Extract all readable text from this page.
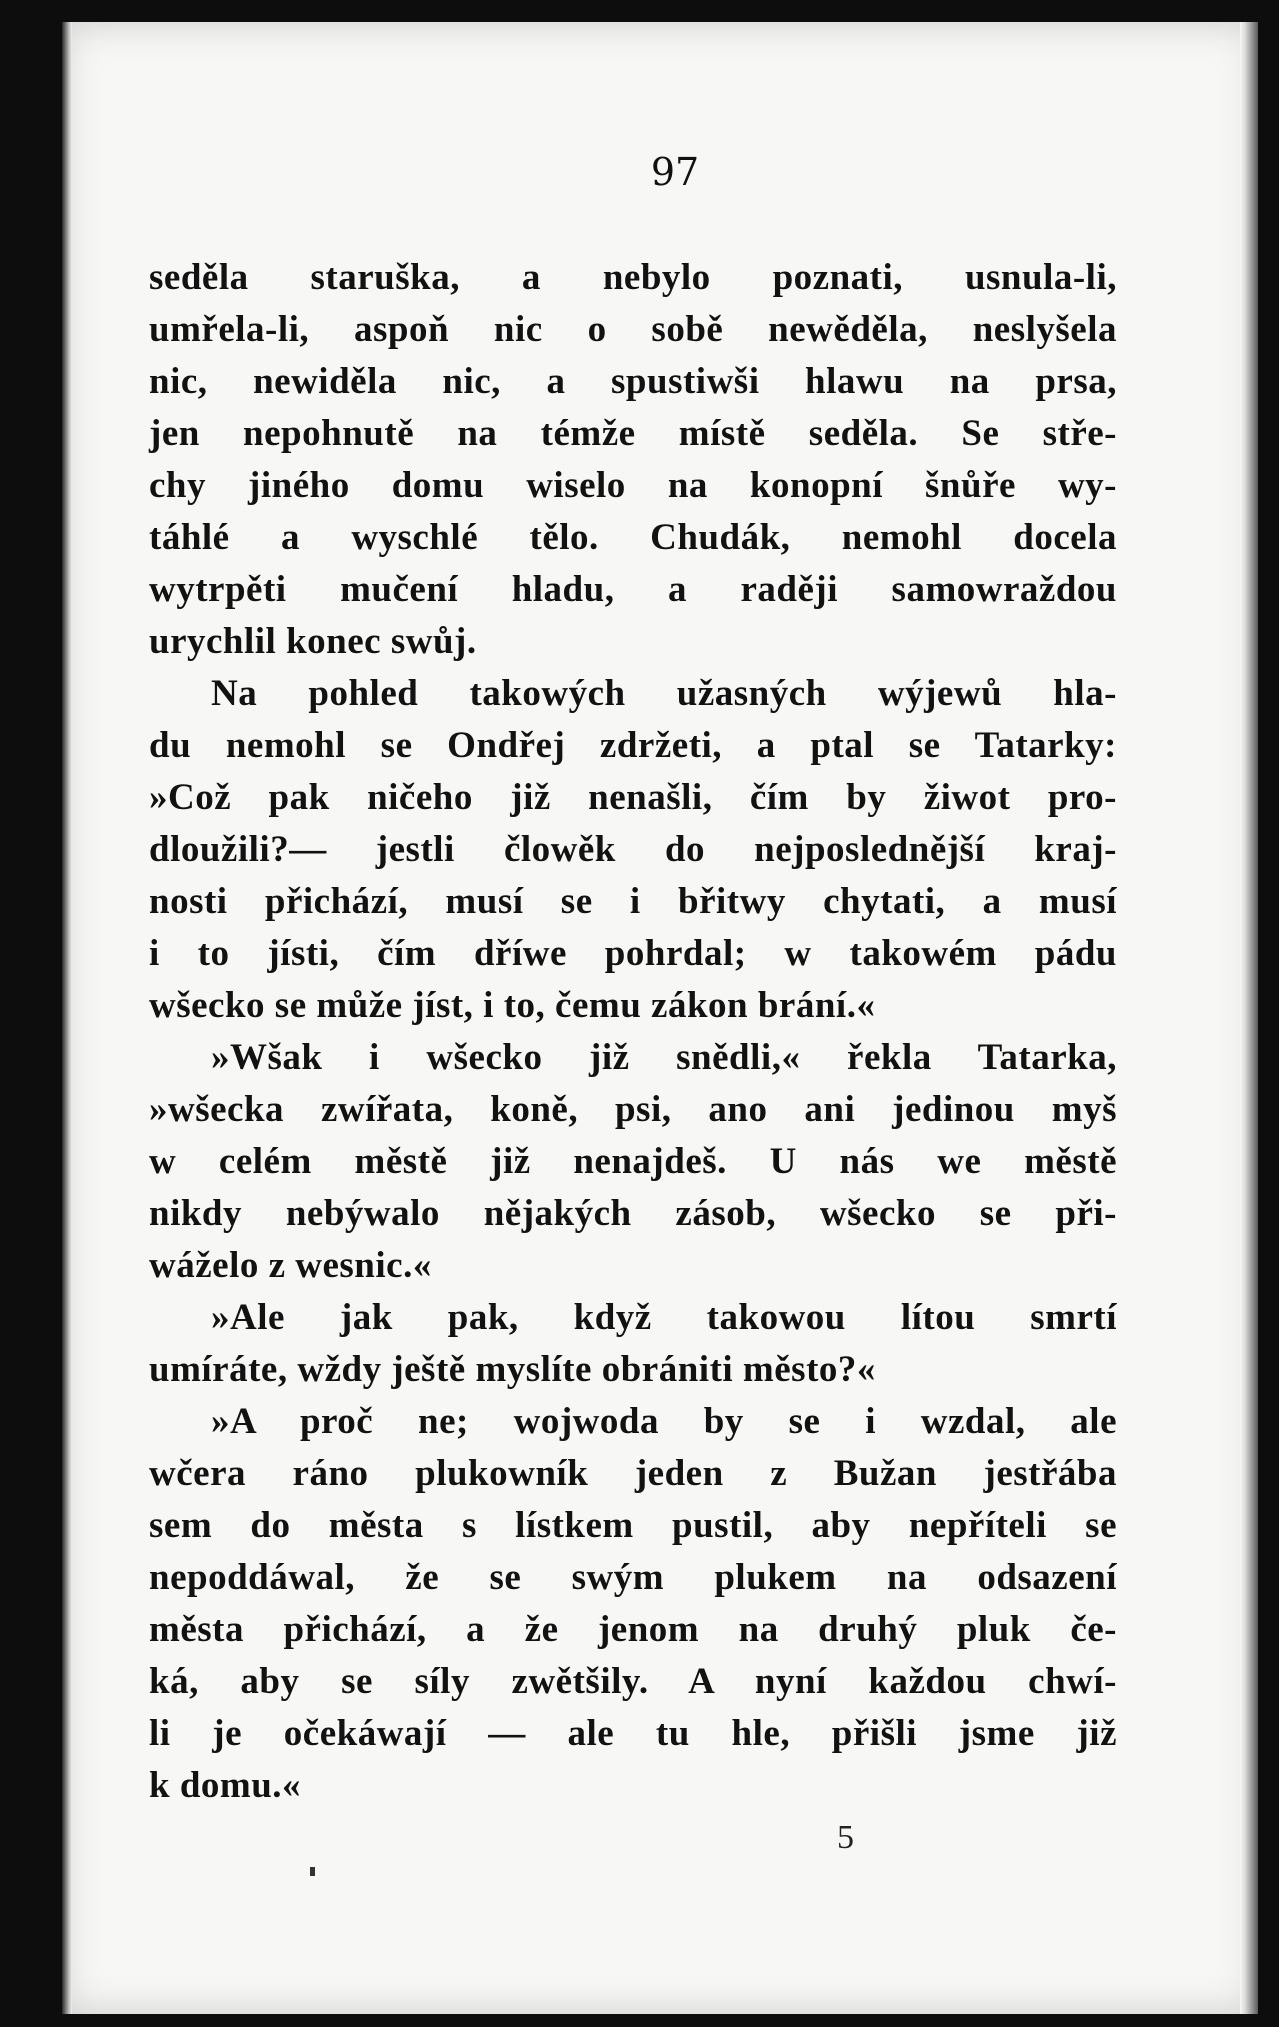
97
seděla staruška, a nebylo poznati, usnula-li,
umřela-li, aspoň nic o sobě newěděla, neslyšela
nic, newiděla nic, a spustiwši hlawu na prsa,
jen nepohnutě na témže místě seděla. Se stře-
chy jiného domu wiselo na konopní šnůře wy-
táhlé a wyschlé tělo. Chudák, nemohl docela
wytrpěti mučení hladu, a raději samowraždou
urychlil konec swůj.
Na pohled takowých užasných wýjewů hla-
du nemohl se Ondřej zdržeti, a ptal se Tatarky:
»Což pak ničeho již nenašli, čím by žiwot pro-
dloužili?— jestli člowěk do nejposlednější kraj-
nosti přichází, musí se i břitwy chytati, a musí
i to jísti, čím dříwe pohrdal; w takowém pádu
wšecko se může jíst, i to, čemu zákon brání.«
»Wšak i wšecko již snědli,« řekla Tatarka,
»wšecka zwířata, koně, psi, ano ani jedinou myš
w celém městě již nenajdeš. U nás we městě
nikdy nebýwalo nějakých zásob, wšecko se při-
wáželo z wesnic.«
»Ale jak pak, když takowou lítou smrtí
umíráte, wždy ještě myslíte obrániti město?«
»A proč ne; wojwoda by se i wzdal, ale
wčera ráno plukowník jeden z Bužan jestřába
sem do města s lístkem pustil, aby nepříteli se
nepoddáwal, že se swým plukem na odsazení
města přichází, a že jenom na druhý pluk če-
ká, aby se síly zwětšily. A nyní každou chwí-
li je očekáwají — ale tu hle, přišli jsme již
k domu.«
5
